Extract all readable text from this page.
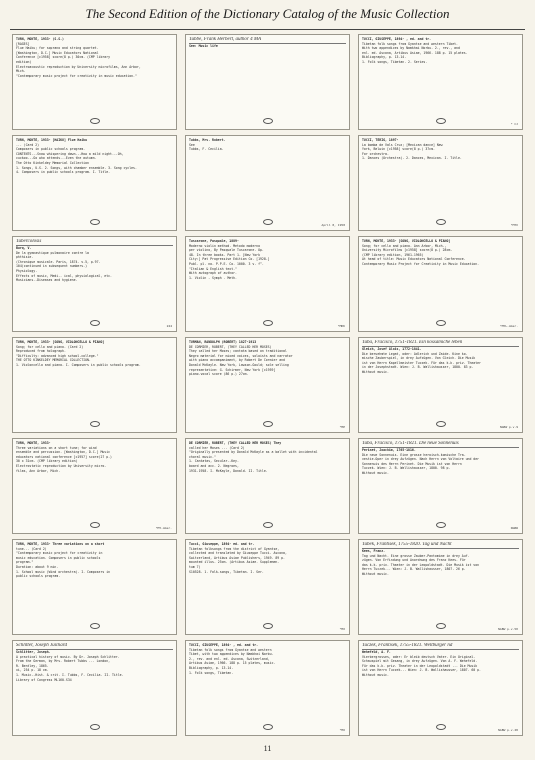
The Second Edition of the Dictionary Catalog of the Music Collection
TURN, MONTE, 1933- (S.S.)
[RAGES]
Flue Haiku; for soprano and string quartet.
[Washington, D.C.] Music Educators National
Conference [c1958] score(8 p.) 30cm. (CMP library
edition)
Electroacoustic reproduction by University microfilms, Ann Arbor,
Mich.
"Contemporary music project for creativity in music education."
Tubbe, Frank Herbert, author 4 MA
See: Music life
TUCCI, GIUSEPPE, 1894- , ed. and tr.
Tibetan folk songs from Gyantse and western Tibet.
With two appendices by Namkhai Norbu. 2., rev., and
enl. ed. Ascona, Artibus Asiae, 1966. 188 p. 15 plates.
Bibliography, p. 13-14.
1. Folk songs, Tibetan. 2. Series.
* CJ
TURN, MONTE, 1933- [HAIKU] Flue Haiku
... (Card 2)
Composers in public schools program.
CONTENTS.--Snow whispering down.--How a mild night.--Oh,
cuckoo.--Go who attends.--Even the autumn.
The Otto Kinkeldey Memorial Collection
1. Songs, U.S. 2. Songs, with chamber ensemble. 3. Song cycles.
4. Composers in public schools program. I. Title.
Tubbs, Mrs. Robert.
See
Tubbs, F. Cecilia.
April 8, 1958
TUCCI, TERIG, 1897-
La bomba de Vals Cruz; [Mexican dance] New
York, Belwin [c1958] score(8 p.) 37cm.
For orchestra.
1. Dances (Orchestra). 2. Dances, Mexican. I. Title.
*MTX
Tubercolosis
Burq, V.
De la gymnastique pulmonaire contre la
phthisie.
(Chronique musicale. Paris, 1874. v.5, p.97-
104(continued in subsequent numbers.)
Physiology.
Effects of music, Medi-- ical, physiological, etc.
Musicians--Diseases and hygiene.
244
Tuscarone, Pasquale, 1889-
Moderno violin method. Metodo moderno
per violino, By Pasquale Tuscarone. Op.
48. In three books. Part 1- [New York
City:] Pat Progressive Edition Co. [1928-]
Publ. pl. no. P.P.E. Co. 1000. 3 v. f°.
"Italian & English text."
With autograph of author.
1. Violin - Symph - Meth.
*MKK
TURN, MONTE, 1933- [SONG, VIOLONCELLO & PIANO]
Song; for cello and piano. Ann Arbor, Mich.,
University Microfilms [c1958] score(8 p.) 28cm.
(CMP library edition, 1961-1965)
At head of title: Music Educators National Conference.
Contemporary Music Project for Creativity in Music Education.
*MYL-Amer.
TURN, MONTE, 1933- [SONG, VIOLONCELLO & PIANO]
Song; for cello and piano. (Card 2)
Reproduced from holograph.
"Difficulty: advanced high school-college."
THE OTTO KINKELDEY MEMORIAL COLLECTION.
1. Violoncello and piano. I. Composers in public schools program.
TURMAN, RANDOLPH (ROBERT) 1827-1913
DE CORMIER, ROBERT, (THEY CALLED HER MOSES)
They called her Moses; cantata based on traditional
Negro material for mixed voices, soloists and narrator
with piano accompaniment, by Robert De Cormier and
Donald McKayle. New York, Lawson-Gould; sole selling
representative: G. Schirmer, New York [c1959]
piano-vocal score (86 p.) 27cm.
*MP
Tuba, Fracisco, 1751-1821. Ein kossamiche leben
Gleich, Josef Alois, 1772-1841.
Die beruehmte Legat, oder: Adlerich und Zaide. Kine ko-
mische Zauberspiel, in drey Aufzügen. Von Gleich. Die Musik
ist von Herrn Kapellmeister Tuczek. Für das k.k. priv. Theater
in der Josephstadt. Wien: J. B. Wallishausser, 1800. 83 p.
Without music.
NGBW p.v.9
TURN, MONTE, 1933-
Three variations on a short tune; for wind
ensemble and percussion. [Washington, D.C.] Music
educators national conference [c1957] score(27 p.)
30 x 31cm. (CMP library edition)
Electrostatic reproduction by University micro-
films, Ann Arbor, Mich.
*MY-Amer.
DE CORMIER, ROBERT, (THEY CALLED HER MOSES) They
called her Moses ... (Card 2)
"Originally presented by Donald McKayle as a ballet with incidental
choral music."
1. Cantatas, Secular--Key-
board and acc. 2. Negroes,
1931-1958. I. McKayle, Donald. II. Title.
Tuba, Fracisco, 1751-1821. Die neue Sonnenuis
Perinet, Joachim, 1765-1816.
Die neue Sonnenuis. Eine grosse heroisch-komische Tra-
vestie-Oper in drey Aufzügen. Nach Herrn von Voltaire und der
Sonnenuis des Herrn Perinet. Die Musik ist von Herrn
Tuczek. Wien: J. B. Wallishausser, 1800. 98 p.
Without music.
NGBW
TURN, MONTE, 1933- Three variations on a short
tune... (Card 2)
"Contemporary music project for creativity in
music education. Composers in public schools
program."
Duration: about 9 min.
1. School music (Wind orchestra). I. Composers in
public schools program.
Tucci, Giuseppe, 1894- ed. and tr.
Tibetan folksongs from the district of Gyantse,
collected and translated by Giuseppe Tucci. Ascona,
Switzerland, Artibus Asiae Publishers, 1949. 89 p.
mounted illus. 25cm. (Artibus Asiae. Supplemen-
tum 7)
S10528. 1. Folk-songs, Tibetan. I. Ser.
*MX
Tubek, Frantisek, 1755-1820. Tag und Nacht
Kees, Franz.
Tag und Nacht. Eine grosse Zauber-Pantomime in drey Auf-
zügen. Von Erfindung und Anordnung des Franz Kees. Für
das k.k. priv. Theater in der Leopoldstadt. Die Musik ist von
Herrn Tuczek... Wien: J. B. Wallishausser, 1807. 26 p.
Without music.
NGBW p.v.50
Schlitter, Joseph Juilliard
Schlitter, Joseph.
A practical history of music. By Dr. Joseph Schlitter.
From the German, by Mrs. Robert Tubbs ... London,
R. Bentley, 1865.
xi, 254 p. 18 cm.
1. Music--Hist. & crit. I. Tubbs, F. Cecilia. II. Title.
Library of Congress ML160.S34
TUCCI, GIUSEPPE, 1894- , ed. and tr.
Tibetan folk songs from Gyantse and western
Tibet, with two appendices by Namkhai Norbu.
2., rev. and enl. ed. Ascona, Switzerland,
Artibus Asiae, 1966. 188 p. 15 plates, music.
Bibliography, p. 13-14.
1. Folk songs, Tibetan.
*MO
Tuczek, Frantisek, 1755-1821. Weltburger nd
Wehefeld, A. F.
Vierbergrosses, oder: Er bleib deutsch Vater. Ein Original-
Schauspiel mit Gesang, in drey Aufzügen. Von A. F. Wehefeld.
Für das k.k. priv. Theater in der Leopoldstadt ... Die Musik
ist von Herrn Tuczek... Wien: J. B. Wallishausser, 1807. 60 p.
Without music.
NGBW p.v.28
11
